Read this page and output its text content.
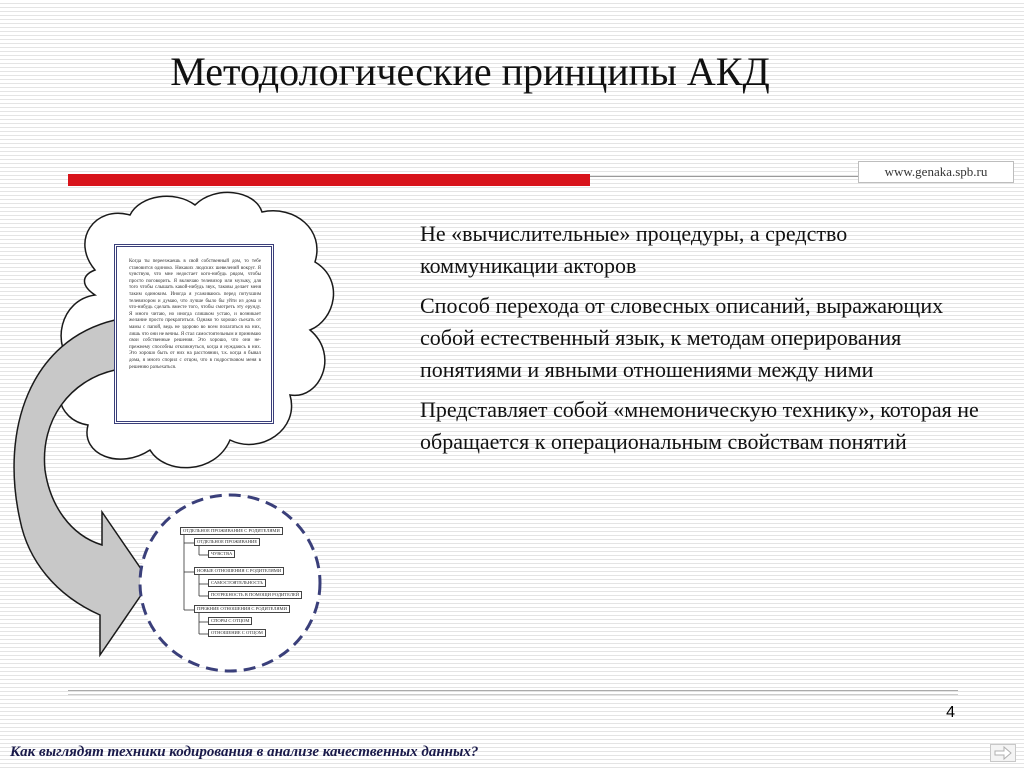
Методологические принципы АКД
www.genaka.spb.ru
Когда ты переезжаешь в свой собственный дом, то тебе становится одиноко. Никаких людских шевелений вокруг. Я чувствую, что мне недостает кого-нибудь рядом, чтобы просто поговорить. Я включаю телевизор или музыку, для того чтобы слышать какой-нибудь звук, таковы делает меня таким одиноким. Иногда я усаживаюсь перед потухшим телевизором и думаю, что лучше было бы уйти из дома и что-нибудь сделать вместе того, чтобы смотреть эту ерунду. Я много читаю, но иногда слишком устаю, и возникает желание просто прекратиться. Однако то хорошо съехать от мамы с папой, ведь не здорово во всем полагаться на них, лишь что они не вечны. Я стал самостоятельным и принимаю свои собственные решения. Это хорошо, что они не-прежнему способны откликнуться, когда я нуждаюсь в них. Это хорошо быть от них на расстоянии, т.к. когда я бывал дома, я много спорил с отцом, что в подростковом меня в решению разъехаться.
ОТДЕЛЬНОЕ ПРОЖИВАНИЕ С РОДИТЕЛЯМИ
ОТДЕЛЬНОЕ ПРОЖИВАНИЕ
ЧУВСТВА
НОВЫЕ ОТНОШЕНИЯ С РОДИТЕЛЯМИ
САМОСТОЯТЕЛЬНОСТЬ
ПОТРЕБНОСТЬ В ПОМОЩИ РОДИТЕЛЕЙ
ПРЕЖНИЕ ОТНОШЕНИЯ С РОДИТЕЛЯМИ
СПОРЫ С ОТЦОМ
ОТНОШЕНИЕ С ОТЦОМ

Не «вычислительные» процедуры, а средство коммуникации акторов

Способ перехода от словесных описаний, выражающих собой естественный язык, к методам оперирования понятиями и явными отношениями между ними

Представляет собой «мнемоническую технику», которая не обращается к операциональным свойствам понятий

4
Как выглядят техники кодирования в анализе качественных данных?
